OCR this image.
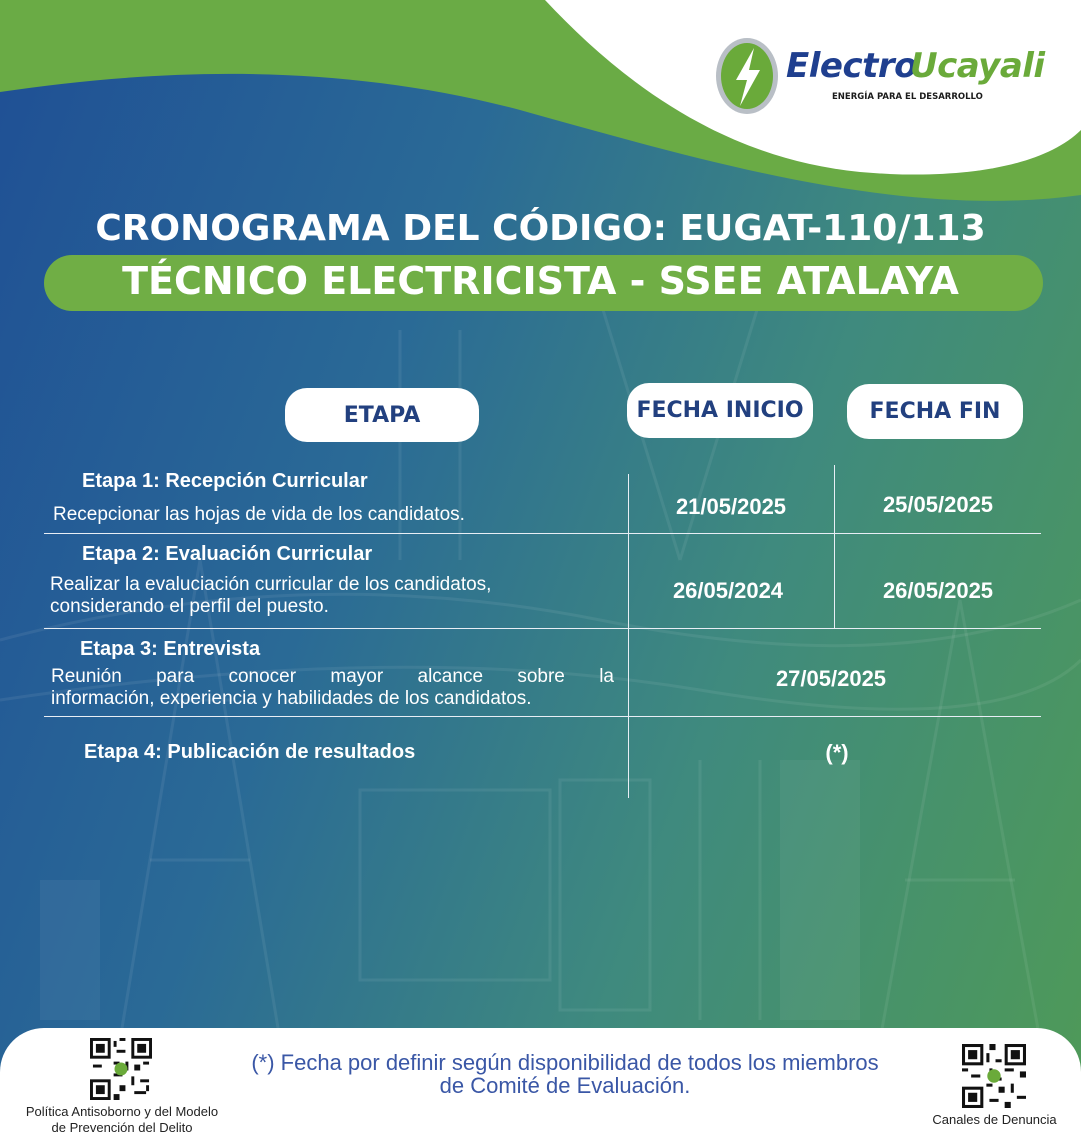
Electro
Ucayali
ENERGÍA PARA EL DESARROLLO
CRONOGRAMA DEL CÓDIGO: EUGAT-110/113
TÉCNICO ELECTRICISTA - SSEE ATALAYA
ETAPA	FECHA INICIO	FECHA FIN
Etapa 1: Recepción Curricular
Recepcionar las hojas de vida de los candidatos.	21/05/2025	25/05/2025
Etapa 2: Evaluación Curricular
Realizar la evaluciación curricular de los candidatos,
considerando el perfil del puesto.
26/05/2024	26/05/2025
Etapa 3: Entrevista
Reunión para conocer mayor alcance sobre la
información, experiencia y habilidades de los candidatos.
27/05/2025
Etapa 4: Publicación de resultados	(*)
Política Antisoborno y del Modelo
de Prevención del Delito
(*) Fecha por definir según disponibilidad de todos los miembros
de Comité de Evaluación.
Canales de Denuncia
